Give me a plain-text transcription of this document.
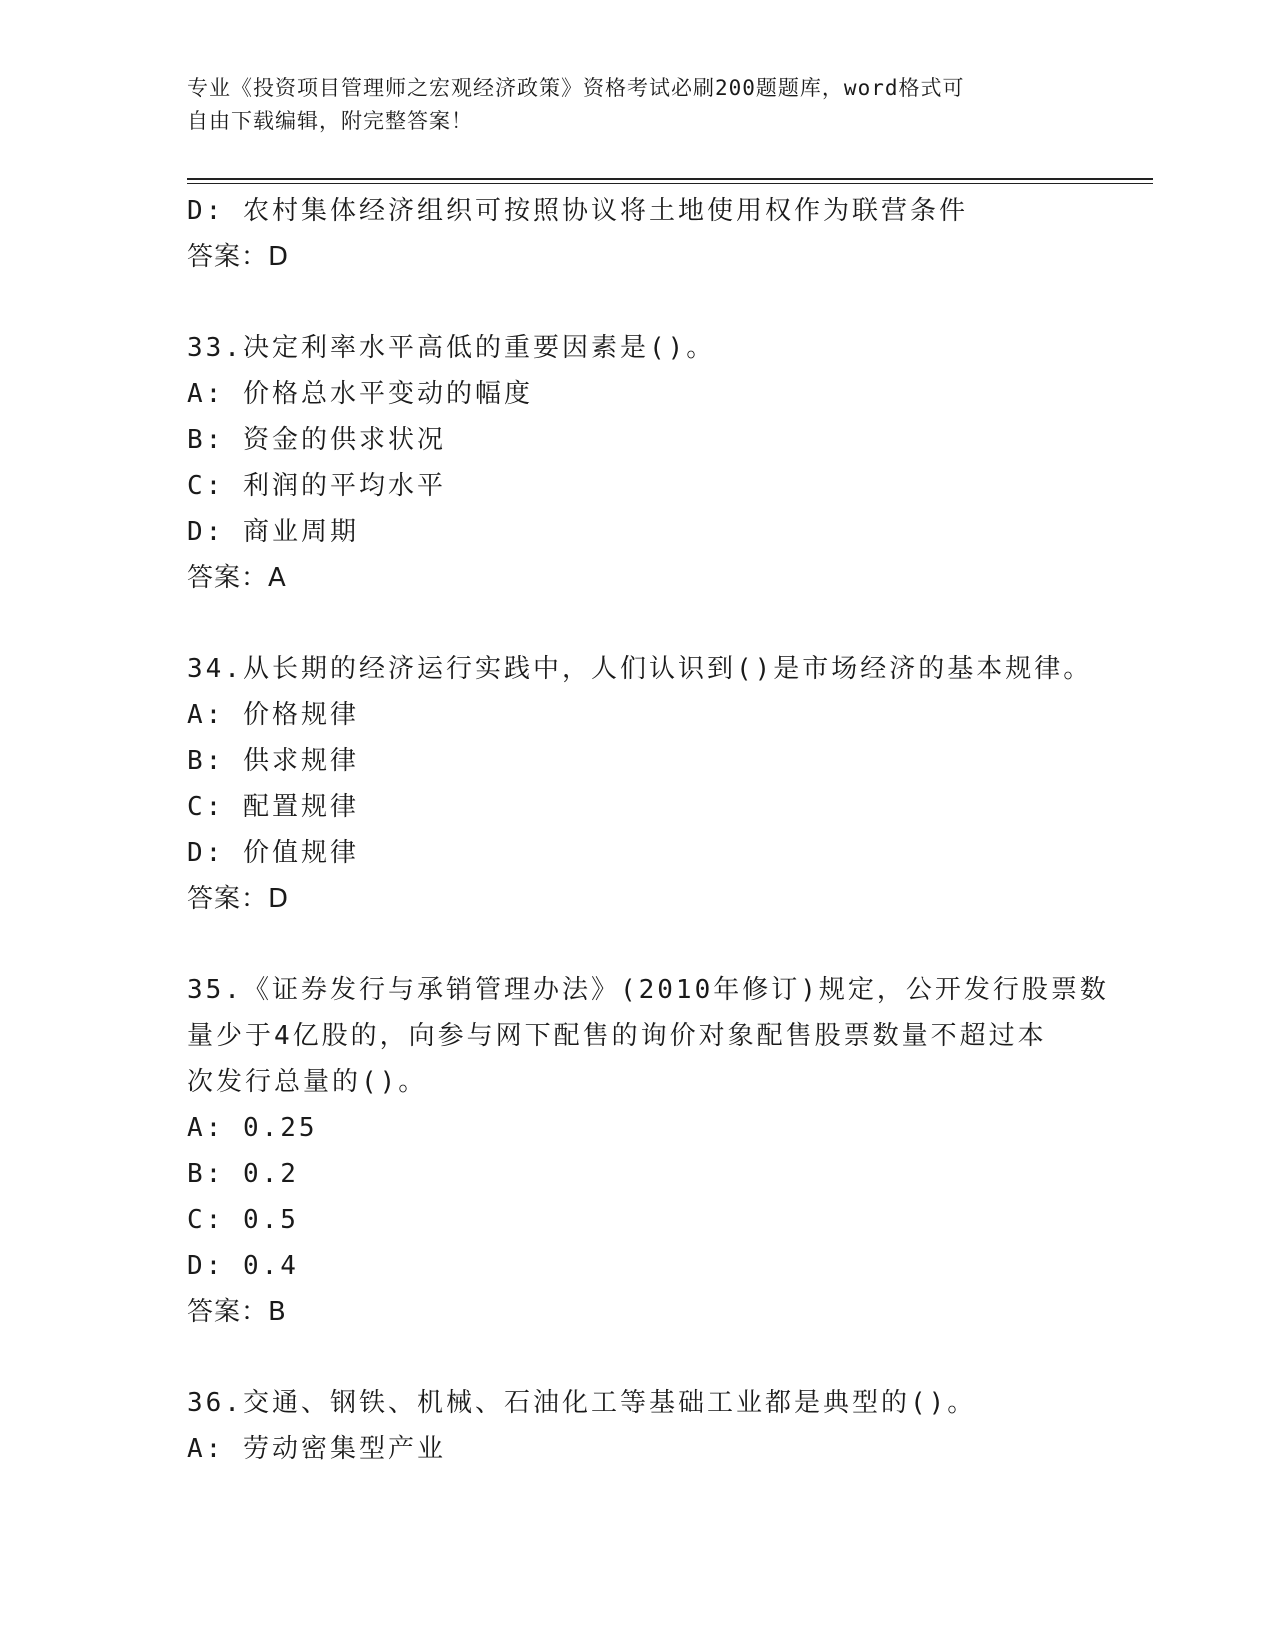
专业《投资项目管理师之宏观经济政策》资格考试必刷200题题库，word格式可
自由下载编辑，附完整答案！
D: 农村集体经济组织可按照协议将土地使用权作为联营条件
答案：D
33.决定利率水平高低的重要因素是()。
A: 价格总水平变动的幅度
B: 资金的供求状况
C: 利润的平均水平
D: 商业周期
答案：A
34.从长期的经济运行实践中，人们认识到()是市场经济的基本规律。
A: 价格规律
B: 供求规律
C: 配置规律
D: 价值规律
答案：D
35.《证券发行与承销管理办法》(2010年修订)规定，公开发行股票数
量少于4亿股的，向参与网下配售的询价对象配售股票数量不超过本
次发行总量的()。
A: 0.25
B: 0.2
C: 0.5
D: 0.4
答案：B
36.交通、钢铁、机械、石油化工等基础工业都是典型的()。
A: 劳动密集型产业
